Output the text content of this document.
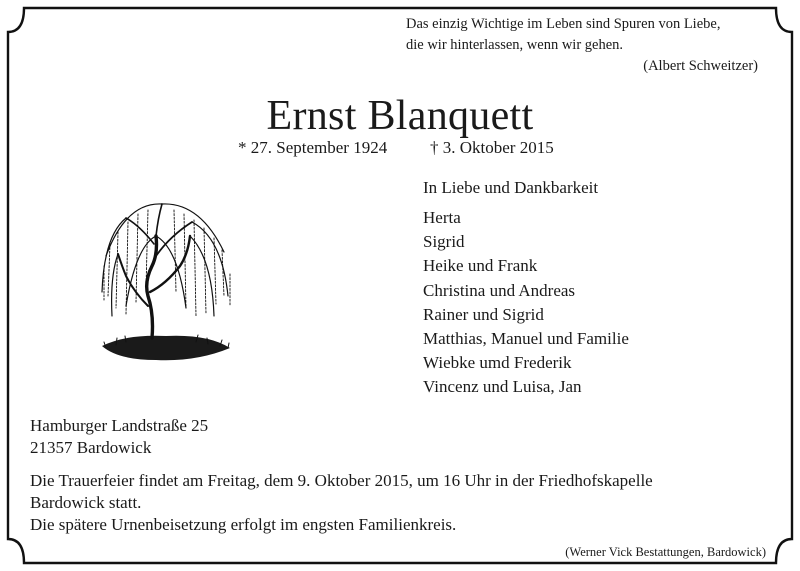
Das einzig Wichtige im Leben sind Spuren von Liebe,
die wir hinterlassen, wenn wir gehen.
(Albert Schweitzer)
Ernst Blanquett
* 27. September 1924	† 3. Oktober 2015
In Liebe und Dankbarkeit
Herta
Sigrid
Heike und Frank
Christina und Andreas
Rainer und Sigrid
Matthias, Manuel und Familie
Wiebke umd Frederik
Vincenz und Luisa, Jan
Hamburger Landstraße 25
21357 Bardowick
Die Trauerfeier findet am Freitag, dem 9. Oktober 2015, um 16 Uhr in der Friedhofskapelle
Bardowick statt.
Die spätere Urnenbeisetzung erfolgt im engsten Familienkreis.
(Werner Vick Bestattungen, Bardowick)
